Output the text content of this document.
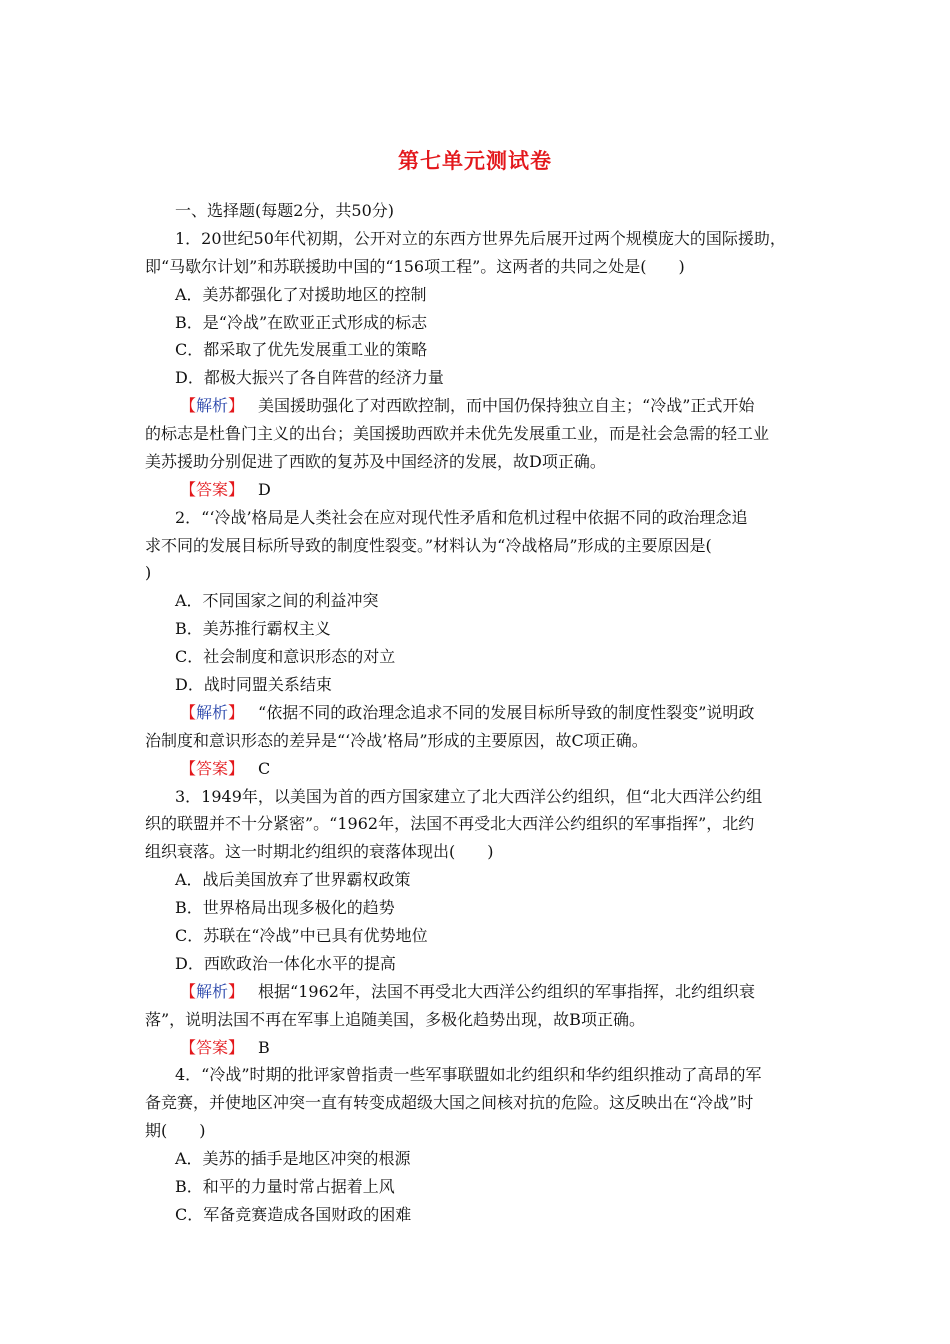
第七单元测试卷
一、选择题(每题2分，共50分)
1．20世纪50年代初期，公开对立的东西方世界先后展开过两个规模庞大的国际援助，
即“马歇尔计划”和苏联援助中国的“156项工程”。这两者的共同之处是(　　)
A．美苏都强化了对援助地区的控制
B．是“冷战”在欧亚正式形成的标志
C．都采取了优先发展重工业的策略
D．都极大振兴了各自阵营的经济力量
【解析】 美国援助强化了对西欧控制，而中国仍保持独立自主；“冷战”正式开始
的标志是杜鲁门主义的出台；美国援助西欧并未优先发展重工业，而是社会急需的轻工业
美苏援助分别促进了西欧的复苏及中国经济的发展，故D项正确。
【答案】 D
2．“‘冷战’格局是人类社会在应对现代性矛盾和危机过程中依据不同的政治理念追
求不同的发展目标所导致的制度性裂变。”材料认为“冷战格局”形成的主要原因是(
)
A．不同国家之间的利益冲突
B．美苏推行霸权主义
C．社会制度和意识形态的对立
D．战时同盟关系结束
【解析】 “依据不同的政治理念追求不同的发展目标所导致的制度性裂变”说明政
治制度和意识形态的差异是“‘冷战’格局”形成的主要原因，故C项正确。
【答案】 C
3．1949年，以美国为首的西方国家建立了北大西洋公约组织，但“北大西洋公约组
织的联盟并不十分紧密”。“1962年，法国不再受北大西洋公约组织的军事指挥”，北约
组织衰落。这一时期北约组织的衰落体现出(　　)
A．战后美国放弃了世界霸权政策
B．世界格局出现多极化的趋势
C．苏联在“冷战”中已具有优势地位
D．西欧政治一体化水平的提高
【解析】 根据“1962年，法国不再受北大西洋公约组织的军事指挥，北约组织衰
落”，说明法国不再在军事上追随美国，多极化趋势出现，故B项正确。
【答案】 B
4．“冷战”时期的批评家曾指责一些军事联盟如北约组织和华约组织推动了高昂的军
备竞赛，并使地区冲突一直有转变成超级大国之间核对抗的危险。这反映出在“冷战”时
期(　　)
A．美苏的插手是地区冲突的根源
B．和平的力量时常占据着上风
C．军备竞赛造成各国财政的困难
